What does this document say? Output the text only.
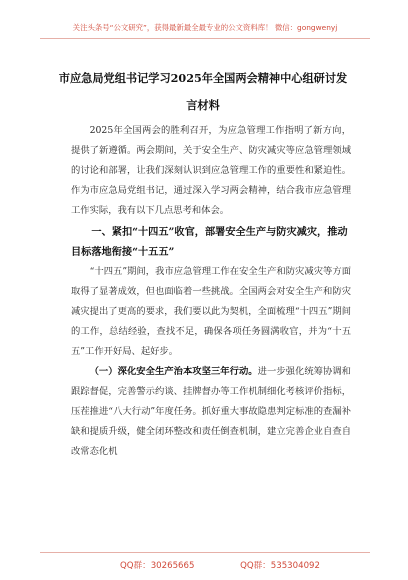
关注头条号“公文研究”，获得最新最全最专业的公文资料库！ 微信：gongwenyj
市应急局党组书记学习2025年全国两会精神中心组研讨发言材料

2025年全国两会的胜利召开，为应急管理工作指明了新方向，提供了新遵循。两会期间，关于安全生产、防灾减灾等应急管理领域的讨论和部署，让我们深刻认识到应急管理工作的重要性和紧迫性。作为市应急局党组书记，通过深入学习两会精神，结合我市应急管理工作实际，我有以下几点思考和体会。

一、紧扣“十四五”收官，部署安全生产与防灾减灾，推动目标落地衔接“十五五”

“十四五”期间，我市应急管理工作在安全生产和防灾减灾等方面取得了显著成效，但也面临着一些挑战。全国两会对安全生产和防灾减灾提出了更高的要求，我们要以此为契机，全面梳理“十四五”期间的工作，总结经验，查找不足，确保各项任务圆满收官，并为“十五五”工作开好局、起好步。

（一）深化安全生产治本攻坚三年行动。进一步强化统筹协调和跟踪督促，完善警示约谈、挂牌督办等工作机制细化考核评价指标，压茬推进“八大行动”年度任务。抓好重大事故隐患判定标准的查漏补缺和提质升级，健全闭环整改和责任倒查机制，建立完善企业自查自改常态化机

QQ群：30265665	QQ群：535304092
